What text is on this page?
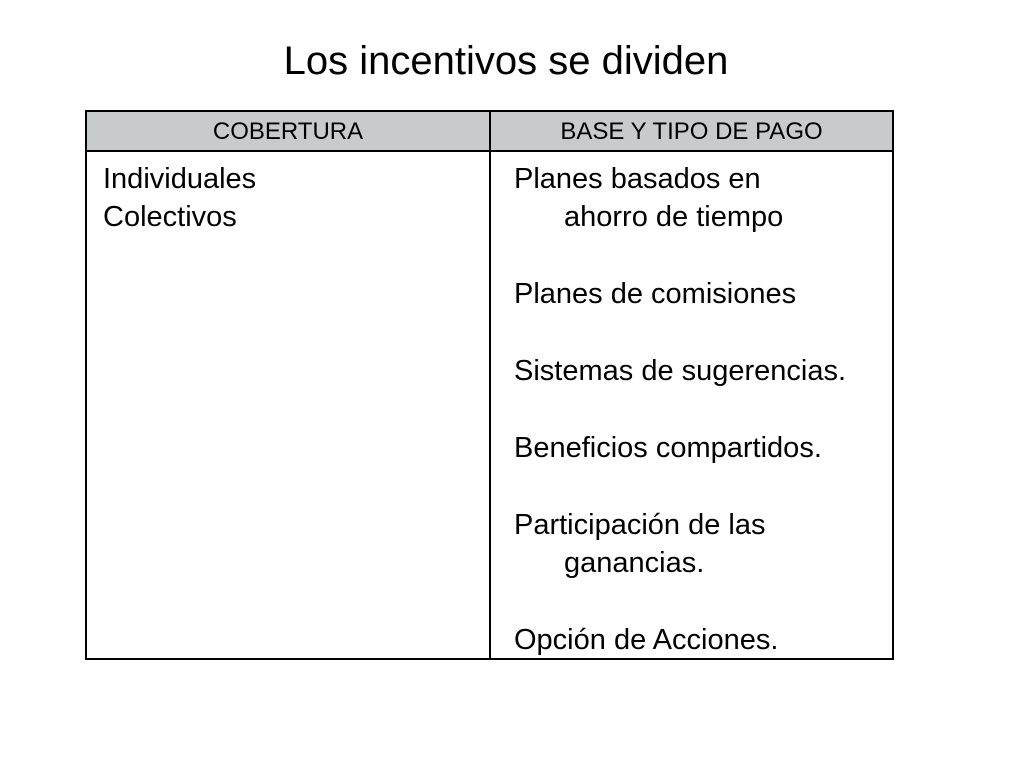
Los incentivos se dividen
COBERTURA	BASE Y TIPO DE PAGO

Individuales

Colectivos

Planes basados en

ahorro de tiempo

Planes de comisiones

Sistemas de sugerencias.

Beneficios compartidos.

Participación de las

ganancias.

Opción de Acciones.
